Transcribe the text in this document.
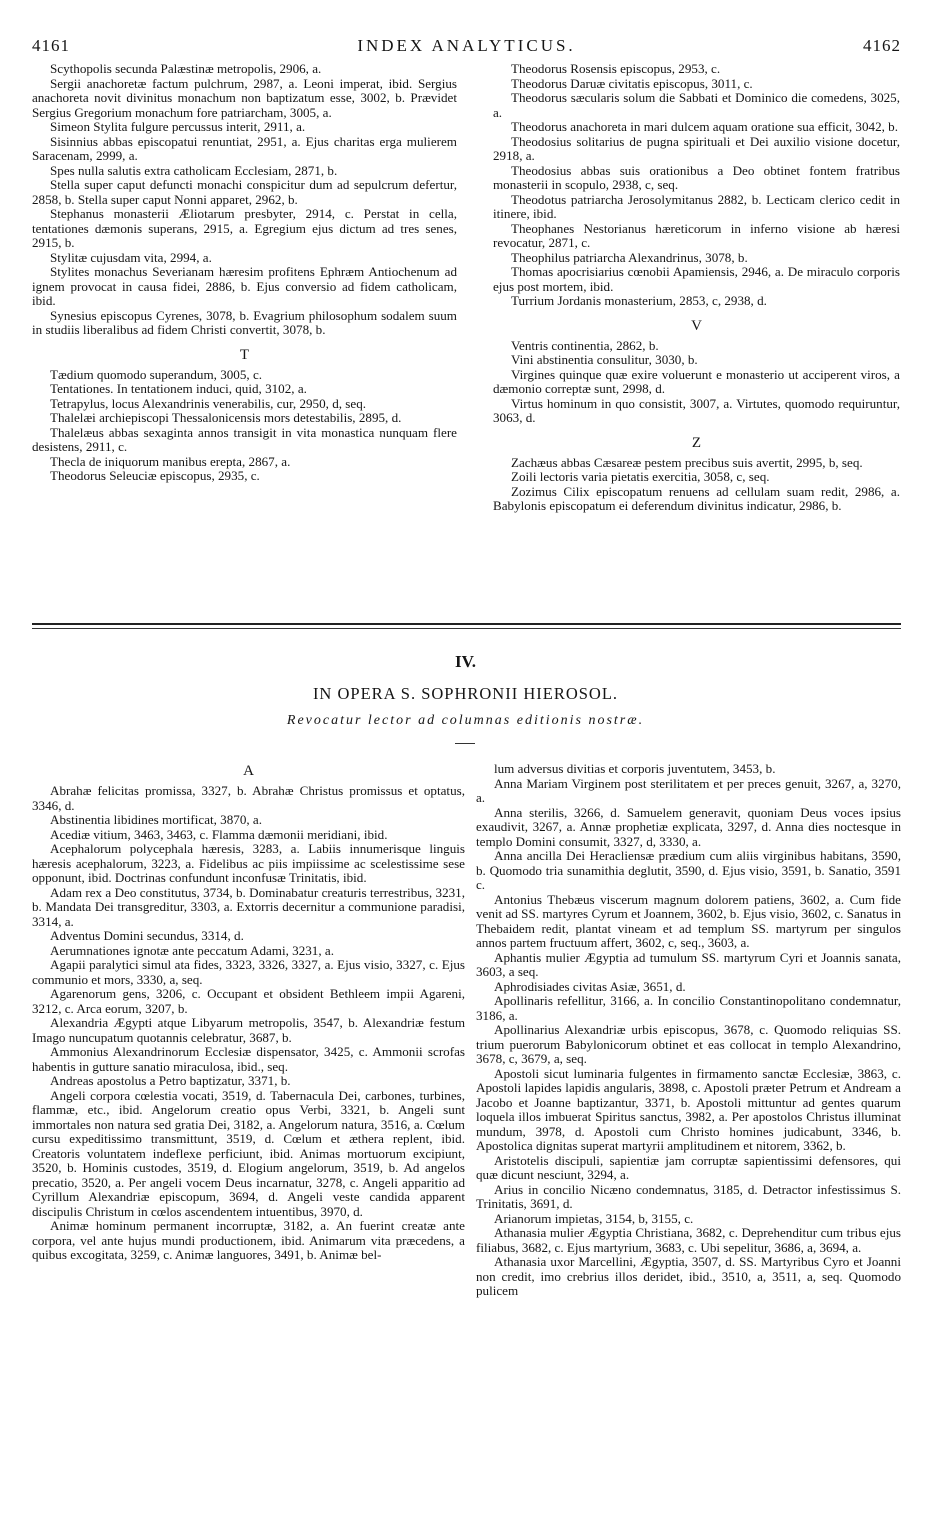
4161	INDEX ANALYTICUS.	4162

Scythopolis secunda Palæstinæ metropolis, 2906, a.

Sergii anachoretæ factum pulchrum, 2987, a. Leoni imperat, ibid. Sergius anachoreta novit divinitus monachum non baptizatum esse, 3002, b. Prævidet Sergius Gregorium monachum fore patriarcham, 3005, a.

Simeon Stylita fulgure percussus interit, 2911, a.

Sisinnius abbas episcopatui renuntiat, 2951, a. Ejus charitas erga mulierem Saracenam, 2999, a.

Spes nulla salutis extra catholicam Ecclesiam, 2871, b.

Stella super caput defuncti monachi conspicitur dum ad sepulcrum defertur, 2858, b. Stella super caput Nonni apparet, 2962, b.

Stephanus monasterii Æliotarum presbyter, 2914, c. Perstat in cella, tentationes dæmonis superans, 2915, a. Egregium ejus dictum ad tres senes, 2915, b.

Stylitæ cujusdam vita, 2994, a.

Stylites monachus Severianam hæresim profitens Ephræm Antiochenum ad ignem provocat in causa fidei, 2886, b. Ejus conversio ad fidem catholicam, ibid.

Synesius episcopus Cyrenes, 3078, b. Evagrium philosophum sodalem suum in studiis liberalibus ad fidem Christi convertit, 3078, b.

T

Tædium quomodo superandum, 3005, c.

Tentationes. In tentationem induci, quid, 3102, a.

Tetrapylus, locus Alexandrinis venerabilis, cur, 2950, d, seq.

Thalelæi archiepiscopi Thessalonicensis mors detestabilis, 2895, d.

Thalelæus abbas sexaginta annos transigit in vita monastica nunquam flere desistens, 2911, c.

Thecla de iniquorum manibus erepta, 2867, a.

Theodorus Seleuciæ episcopus, 2935, c.

Theodorus Rosensis episcopus, 2953, c.

Theodorus Daruæ civitatis episcopus, 3011, c.

Theodorus sæcularis solum die Sabbati et Dominico die comedens, 3025, a.

Theodorus anachoreta in mari dulcem aquam oratione sua efficit, 3042, b.

Theodosius solitarius de pugna spirituali et Dei auxilio visione docetur, 2918, a.

Theodosius abbas suis orationibus a Deo obtinet fontem fratribus monasterii in scopulo, 2938, c, seq.

Theodotus patriarcha Jerosolymitanus 2882, b. Lecticam clerico cedit in itinere, ibid.

Theophanes Nestorianus hæreticorum in inferno visione ab hæresi revocatur, 2871, c.

Theophilus patriarcha Alexandrinus, 3078, b.

Thomas apocrisiarius cœnobii Apamiensis, 2946, a. De miraculo corporis ejus post mortem, ibid.

Turrium Jordanis monasterium, 2853, c, 2938, d.

V

Ventris continentia, 2862, b.

Vini abstinentia consulitur, 3030, b.

Virgines quinque quæ exire voluerunt e monasterio ut acciperent viros, a dæmonio correptæ sunt, 2998, d.

Virtus hominum in quo consistit, 3007, a. Virtutes, quomodo requiruntur, 3063, d.

Z

Zachæus abbas Cæsareæ pestem precibus suis avertit, 2995, b, seq.

Zoili lectoris varia pietatis exercitia, 3058, c, seq.

Zozimus Cilix episcopatum renuens ad cellulam suam redit, 2986, a. Babylonis episcopatum ei deferendum divinitus indicatur, 2986, b.

IV.
IN OPERA S. SOPHRONII HIEROSOL.
Revocatur lector ad columnas editionis nostræ.
A

Abrahæ felicitas promissa, 3327, b. Abrahæ Christus promissus et optatus, 3346, d.

Abstinentia libidines mortificat, 3870, a.

Acediæ vitium, 3463, 3463, c. Flamma dæmonii meridiani, ibid.

Acephalorum polycephala hæresis, 3283, a. Labiis innumerisque linguis hæresis acephalorum, 3223, a. Fidelibus ac piis impiissime ac scelestissime sese opponunt, ibid. Doctrinas confundunt inconfusæ Trinitatis, ibid.

Adam rex a Deo constitutus, 3734, b. Dominabatur creaturis terrestribus, 3231, b. Mandata Dei transgreditur, 3303, a. Extorris decernitur a communione paradisi, 3314, a.

Adventus Domini secundus, 3314, d.

Aerumnationes ignotæ ante peccatum Adami, 3231, a.

Agapii paralytici simul ata fides, 3323, 3326, 3327, a. Ejus visio, 3327, c. Ejus communio et mors, 3330, a, seq.

Agarenorum gens, 3206, c. Occupant et obsident Bethleem impii Agareni, 3212, c. Arca eorum, 3207, b.

Alexandria Ægypti atque Libyarum metropolis, 3547, b. Alexandriæ festum Imago nuncupatum quotannis celebratur, 3687, b.

Ammonius Alexandrinorum Ecclesiæ dispensator, 3425, c. Ammonii scrofas habentis in gutture sanatio miraculosa, ibid., seq.

Andreas apostolus a Petro baptizatur, 3371, b.

Angeli corpora cœlestia vocati, 3519, d. Tabernacula Dei, carbones, turbines, flammæ, etc., ibid. Angelorum creatio opus Verbi, 3321, b. Angeli sunt immortales non natura sed gratia Dei, 3182, a. Angelorum natura, 3516, a. Cœlum cursu expeditissimo transmittunt, 3519, d. Cœlum et æthera replent, ibid. Creatoris voluntatem indeflexe perficiunt, ibid. Animas mortuorum excipiunt, 3520, b. Hominis custodes, 3519, d. Elogium angelorum, 3519, b. Ad angelos precatio, 3520, a. Per angeli vocem Deus incarnatur, 3278, c. Angeli apparitio ad Cyrillum Alexandriæ episcopum, 3694, d. Angeli veste candida apparent discipulis Christum in cœlos ascendentem intuentibus, 3970, d.

Animæ hominum permanent incorruptæ, 3182, a. An fuerint creatæ ante corpora, vel ante hujus mundi productionem, ibid. Animarum vita præcedens, a quibus excogitata, 3259, c. Animæ languores, 3491, b. Animæ bel-

lum adversus divitias et corporis juventutem, 3453, b.

Anna Mariam Virginem post sterilitatem et per preces genuit, 3267, a, 3270, a.

Anna sterilis, 3266, d. Samuelem generavit, quoniam Deus voces ipsius exaudivit, 3267, a. Annæ prophetiæ explicata, 3297, d. Anna dies noctesque in templo Domini consumit, 3327, d, 3330, a.

Anna ancilla Dei Heracliensæ prædium cum aliis virginibus habitans, 3590, b. Quomodo tria sunamithia deglutit, 3590, d. Ejus visio, 3591, b. Sanatio, 3591 c.

Antonius Thebæus viscerum magnum dolorem patiens, 3602, a. Cum fide venit ad SS. martyres Cyrum et Joannem, 3602, b. Ejus visio, 3602, c. Sanatus in Thebaidem redit, plantat vineam et ad templum SS. martyrum per singulos annos partem fructuum affert, 3602, c, seq., 3603, a.

Aphantis mulier Ægyptia ad tumulum SS. martyrum Cyri et Joannis sanata, 3603, a seq.

Aphrodisiades civitas Asiæ, 3651, d.

Apollinaris refellitur, 3166, a. In concilio Constantinopolitano condemnatur, 3186, a.

Apollinarius Alexandriæ urbis episcopus, 3678, c. Quomodo reliquias SS. trium puerorum Babylonicorum obtinet et eas collocat in templo Alexandrino, 3678, c, 3679, a, seq.

Apostoli sicut luminaria fulgentes in firmamento sanctæ Ecclesiæ, 3863, c. Apostoli lapides lapidis angularis, 3898, c. Apostoli præter Petrum et Andream a Jacobo et Joanne baptizantur, 3371, b. Apostoli mittuntur ad gentes quarum loquela illos imbuerat Spiritus sanctus, 3982, a. Per apostolos Christus illuminat mundum, 3978, d. Apostoli cum Christo homines judicabunt, 3346, b. Apostolica dignitas superat martyrii amplitudinem et nitorem, 3362, b.

Aristotelis discipuli, sapientiæ jam corruptæ sapientissimi defensores, qui quæ dicunt nesciunt, 3294, a.

Arius in concilio Nicæno condemnatus, 3185, d. Detractor infestissimus S. Trinitatis, 3691, d.

Arianorum impietas, 3154, b, 3155, c.

Athanasia mulier Ægyptia Christiana, 3682, c. Deprehenditur cum tribus ejus filiabus, 3682, c. Ejus martyrium, 3683, c. Ubi sepelitur, 3686, a, 3694, a.

Athanasia uxor Marcellini, Ægyptia, 3507, d. SS. Martyribus Cyro et Joanni non credit, imo crebrius illos deridet, ibid., 3510, a, 3511, a, seq. Quomodo pulicem
